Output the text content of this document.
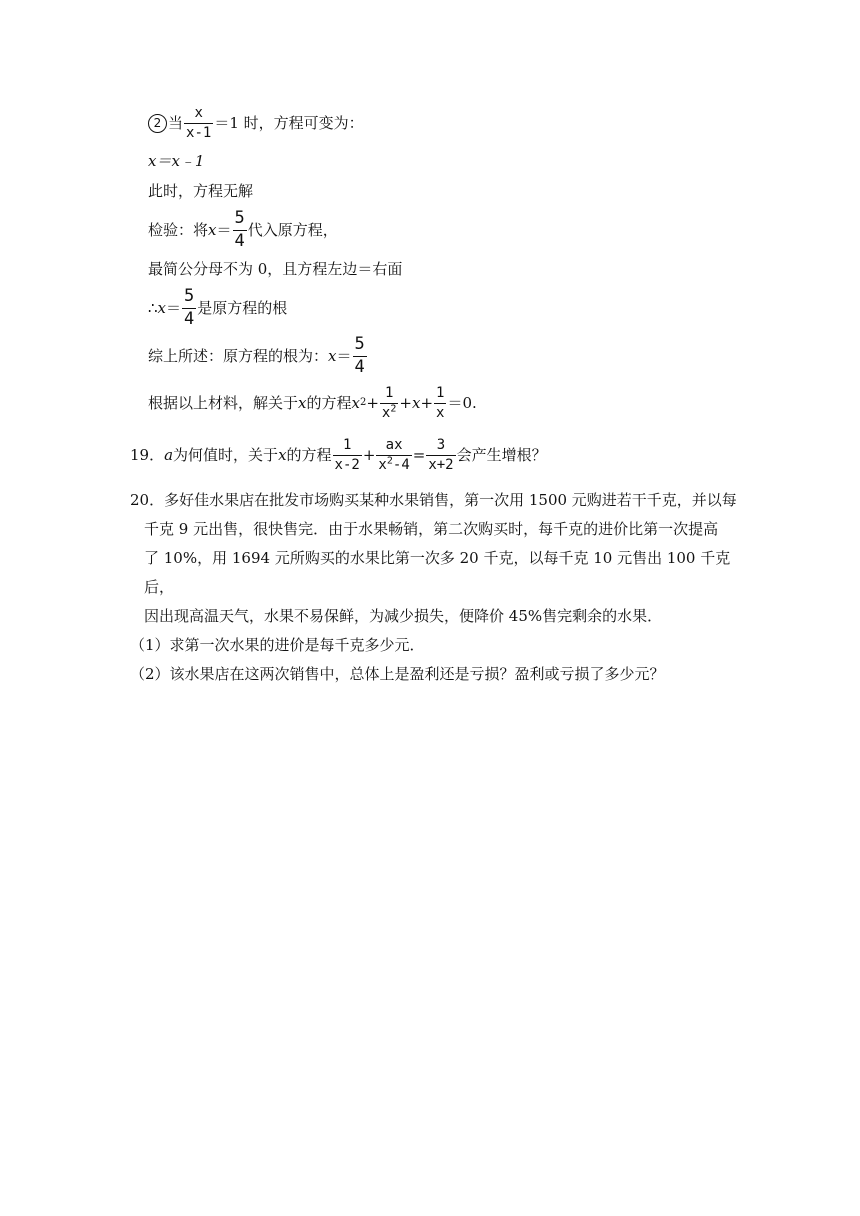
2 当 $\frac{x}{x-1} =1$ 时，方程可变为：
x＝x﹣1
此时，方程无解
检验：将 $x = \frac{5}{4}$ 代入原方程，
最简公分母不为 0，且方程左边＝右面
∴ $x = \frac{5}{4}$ 是原方程的根
综上所述：原方程的根为： $x = \frac{5}{4}$
根据以上材料，解关于 x 的方程 x $2 + \frac{1}{x^2} + x + \frac{1}{x} =0$.
19． a 为何值时，关于 x 的方程 $\frac{1}{x-2} + \frac{ax}{x^2-4} = \frac{3}{x+2}$ 会产生增根？
20．多好佳水果店在批发市场购买某种水果销售，第一次用 1500 元购进若干千克，并以每
千克 9 元出售，很快售完．由于水果畅销，第二次购买时，每千克的进价比第一次提高
了 10%，用 1694 元所购买的水果比第一次多 20 千克，以每千克 10 元售出 100 千克后，
因出现高温天气，水果不易保鲜，为减少损失，便降价 45%售完剩余的水果．
（1）求第一次水果的进价是每千克多少元．
（2）该水果店在这两次销售中，总体上是盈利还是亏损？盈利或亏损了多少元？
